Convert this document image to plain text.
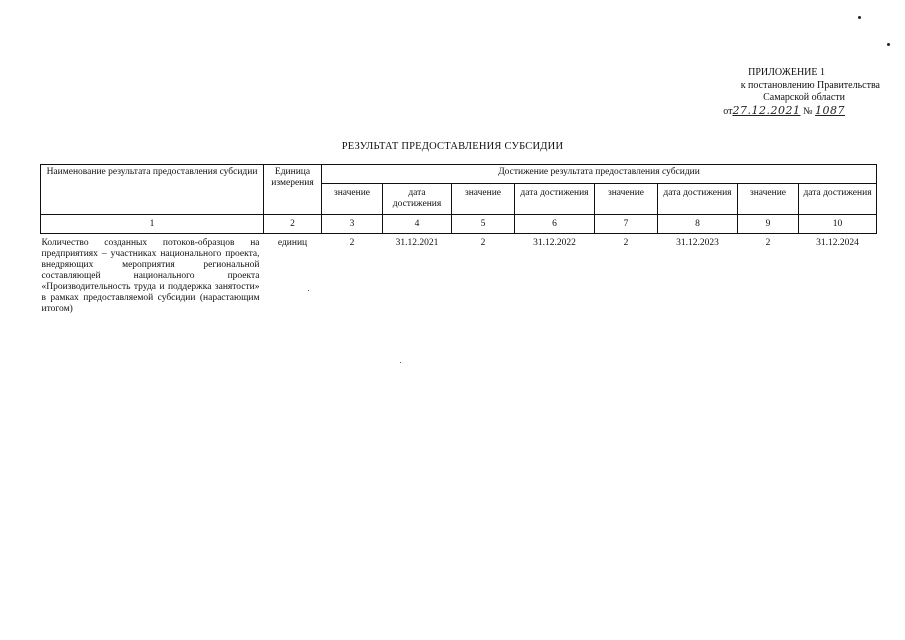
ПРИЛОЖЕНИЕ 1
к постановлению Правительства
Самарской области
от27.12.2021 № 1087
РЕЗУЛЬТАТ ПРЕДОСТАВЛЕНИЯ СУБСИДИИ
Наименование результата предоставления субсидии	Единица измерения	Достижение результата предоставления субсидии							
		значение	дата достижения	значение	дата достижения	значение	дата достижения	значение	дата достижения
1	2	3	4	5	6	7	8	9	10
Количество созданных потоков-образцов на предприятиях – участниках национального проекта, внедряющих мероприятия региональной составляющей национального проекта «Производительность труда и поддержка занятости» в рамках предоставляемой субсидии (нарастающим итогом)	единиц	2	31.12.2021	2	31.12.2022	2	31.12.2023	2	31.12.2024
